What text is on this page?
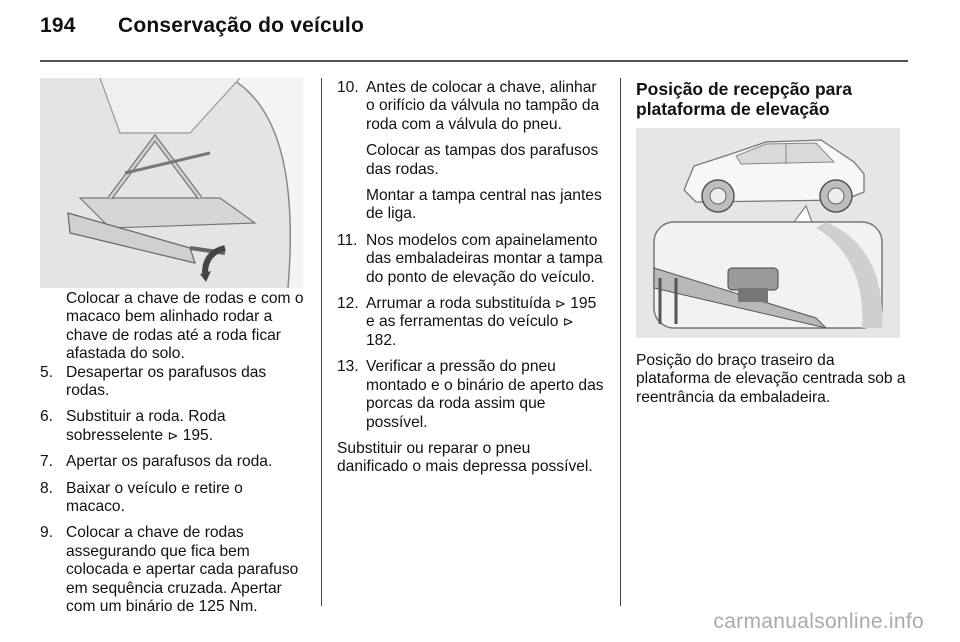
194 Conservação do veículo

Colocar a chave de rodas e com o macaco bem alinhado rodar a chave de rodas até a roda ficar afastada do solo.

5. Desapertar os parafusos das rodas.

6. Substituir a roda. Roda sobresselente ⊳ 195.

7. Apertar os parafusos da roda.

8. Baixar o veículo e retire o macaco.

9. Colocar a chave de rodas assegurando que fica bem colocada e apertar cada parafuso em sequência cruzada. Apertar com um binário de 125 Nm.

10. Antes de colocar a chave, alinhar o orifício da válvula no tampão da roda com a válvula do pneu.

Colocar as tampas dos parafusos das rodas.

Montar a tampa central nas jantes de liga.

11. Nos modelos com apainelamento das embaladeiras montar a tampa do ponto de elevação do veículo.

12. Arrumar a roda substituída ⊳ 195 e as ferramentas do veículo ⊳ 182.

13. Verificar a pressão do pneu montado e o binário de aperto das porcas da roda assim que possível.

Substituir ou reparar o pneu danificado o mais depressa possível.

Posição de recepção para plataforma de elevação

Posição do braço traseiro da plataforma de elevação centrada sob a reentrância da embaladeira.

carmanualsonline.info
